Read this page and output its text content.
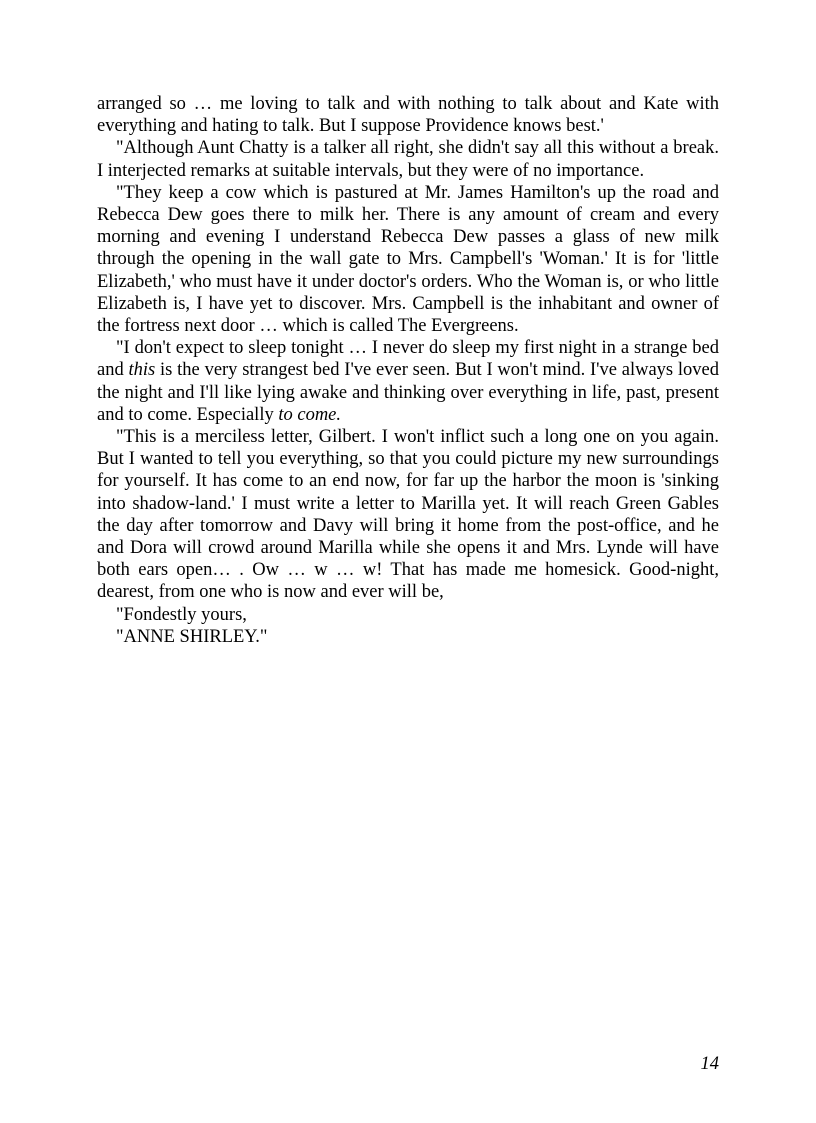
arranged so … me loving to talk and with nothing to talk about and Kate with everything and hating to talk. But I suppose Providence knows best.'

"Although Aunt Chatty is a talker all right, she didn't say all this without a break. I interjected remarks at suitable intervals, but they were of no importance.

"They keep a cow which is pastured at Mr. James Hamilton's up the road and Rebecca Dew goes there to milk her. There is any amount of cream and every morning and evening I understand Rebecca Dew passes a glass of new milk through the opening in the wall gate to Mrs. Campbell's 'Woman.' It is for 'little Elizabeth,' who must have it under doctor's orders. Who the Woman is, or who little Elizabeth is, I have yet to discover. Mrs. Campbell is the inhabitant and owner of the fortress next door … which is called The Evergreens.

"I don't expect to sleep tonight … I never do sleep my first night in a strange bed and this is the very strangest bed I've ever seen. But I won't mind. I've always loved the night and I'll like lying awake and thinking over everything in life, past, present and to come. Especially to come.

"This is a merciless letter, Gilbert. I won't inflict such a long one on you again. But I wanted to tell you everything, so that you could picture my new surroundings for yourself. It has come to an end now, for far up the harbor the moon is 'sinking into shadow-land.' I must write a letter to Marilla yet. It will reach Green Gables the day after tomorrow and Davy will bring it home from the post-office, and he and Dora will crowd around Marilla while she opens it and Mrs. Lynde will have both ears open… . Ow … w … w! That has made me homesick. Good-night, dearest, from one who is now and ever will be,

"Fondestly yours,

"ANNE SHIRLEY."

14
